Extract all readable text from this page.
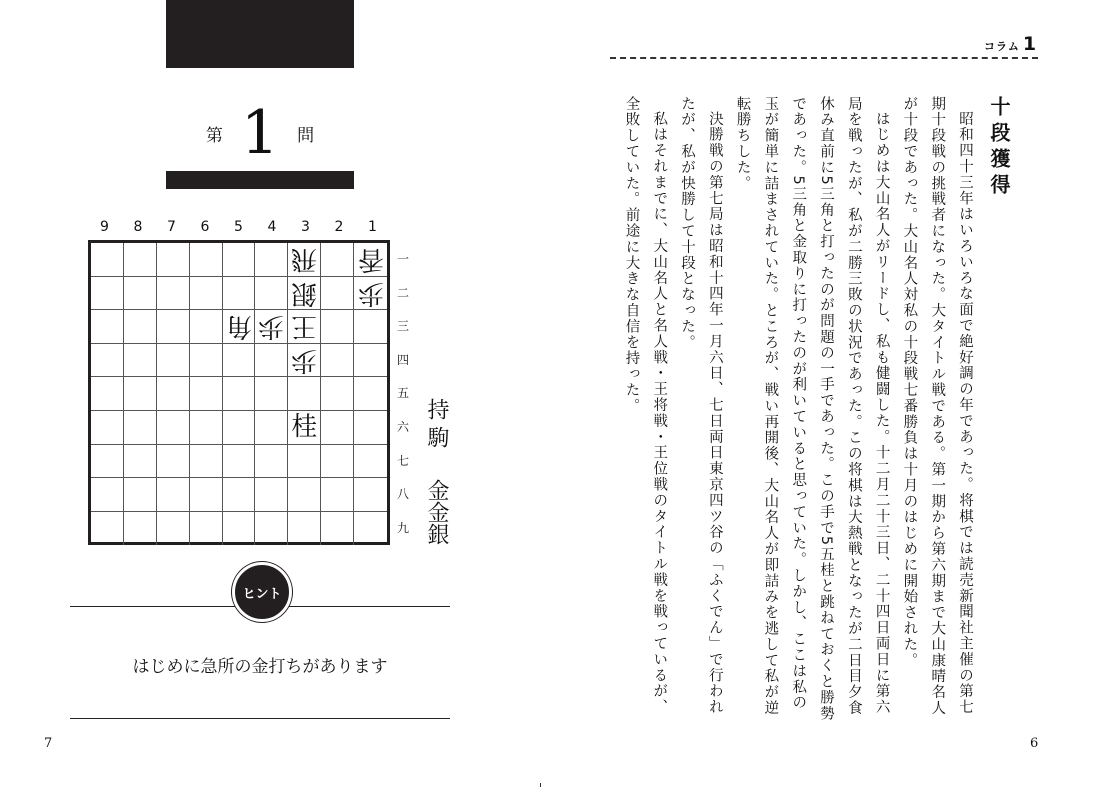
第 1 問
9	8	7	6	5	4	3	2	1
飛 香
銀 歩
角 歩 王
歩
桂
一
二
三
四
五
六
七
八
九
持駒 金金銀
ヒント
はじめに急所の金打ちがあります
7
コラム 1
十段獲得

昭和四十三年はいろいろな面で絶好調の年であった。将棋では読売新聞社主催の第七期十段戦の挑戦者になった。大タイトル戦である。第一期から第六期まで大山康晴名人が十段であった。大山名人対私の十段戦七番勝負は十月のはじめに開始された。

はじめは大山名人がリードし、私も健闘した。十二月二十三日、二十四日両日に第六局を戦ったが、私が二勝三敗の状況であった。この将棋は大熱戦となったが二日目夕食休み直前に5三角と打ったのが問題の一手であった。この手で5五桂と跳ねておくと勝勢であった。5三角と金取りに打ったのが利いていると思っていた。しかし、ここは私の玉が簡単に詰まされていた。ところが、戦い再開後、大山名人が即詰みを逃して私が逆転勝ちした。

決勝戦の第七局は昭和十四年一月六日、七日両日東京四ツ谷の「ふくでん」で行われたが、私が快勝して十段となった。

私はそれまでに、大山名人と名人戦・王将戦・王位戦のタイトル戦を戦っているが、全敗していた。前途に大きな自信を持った。

6
